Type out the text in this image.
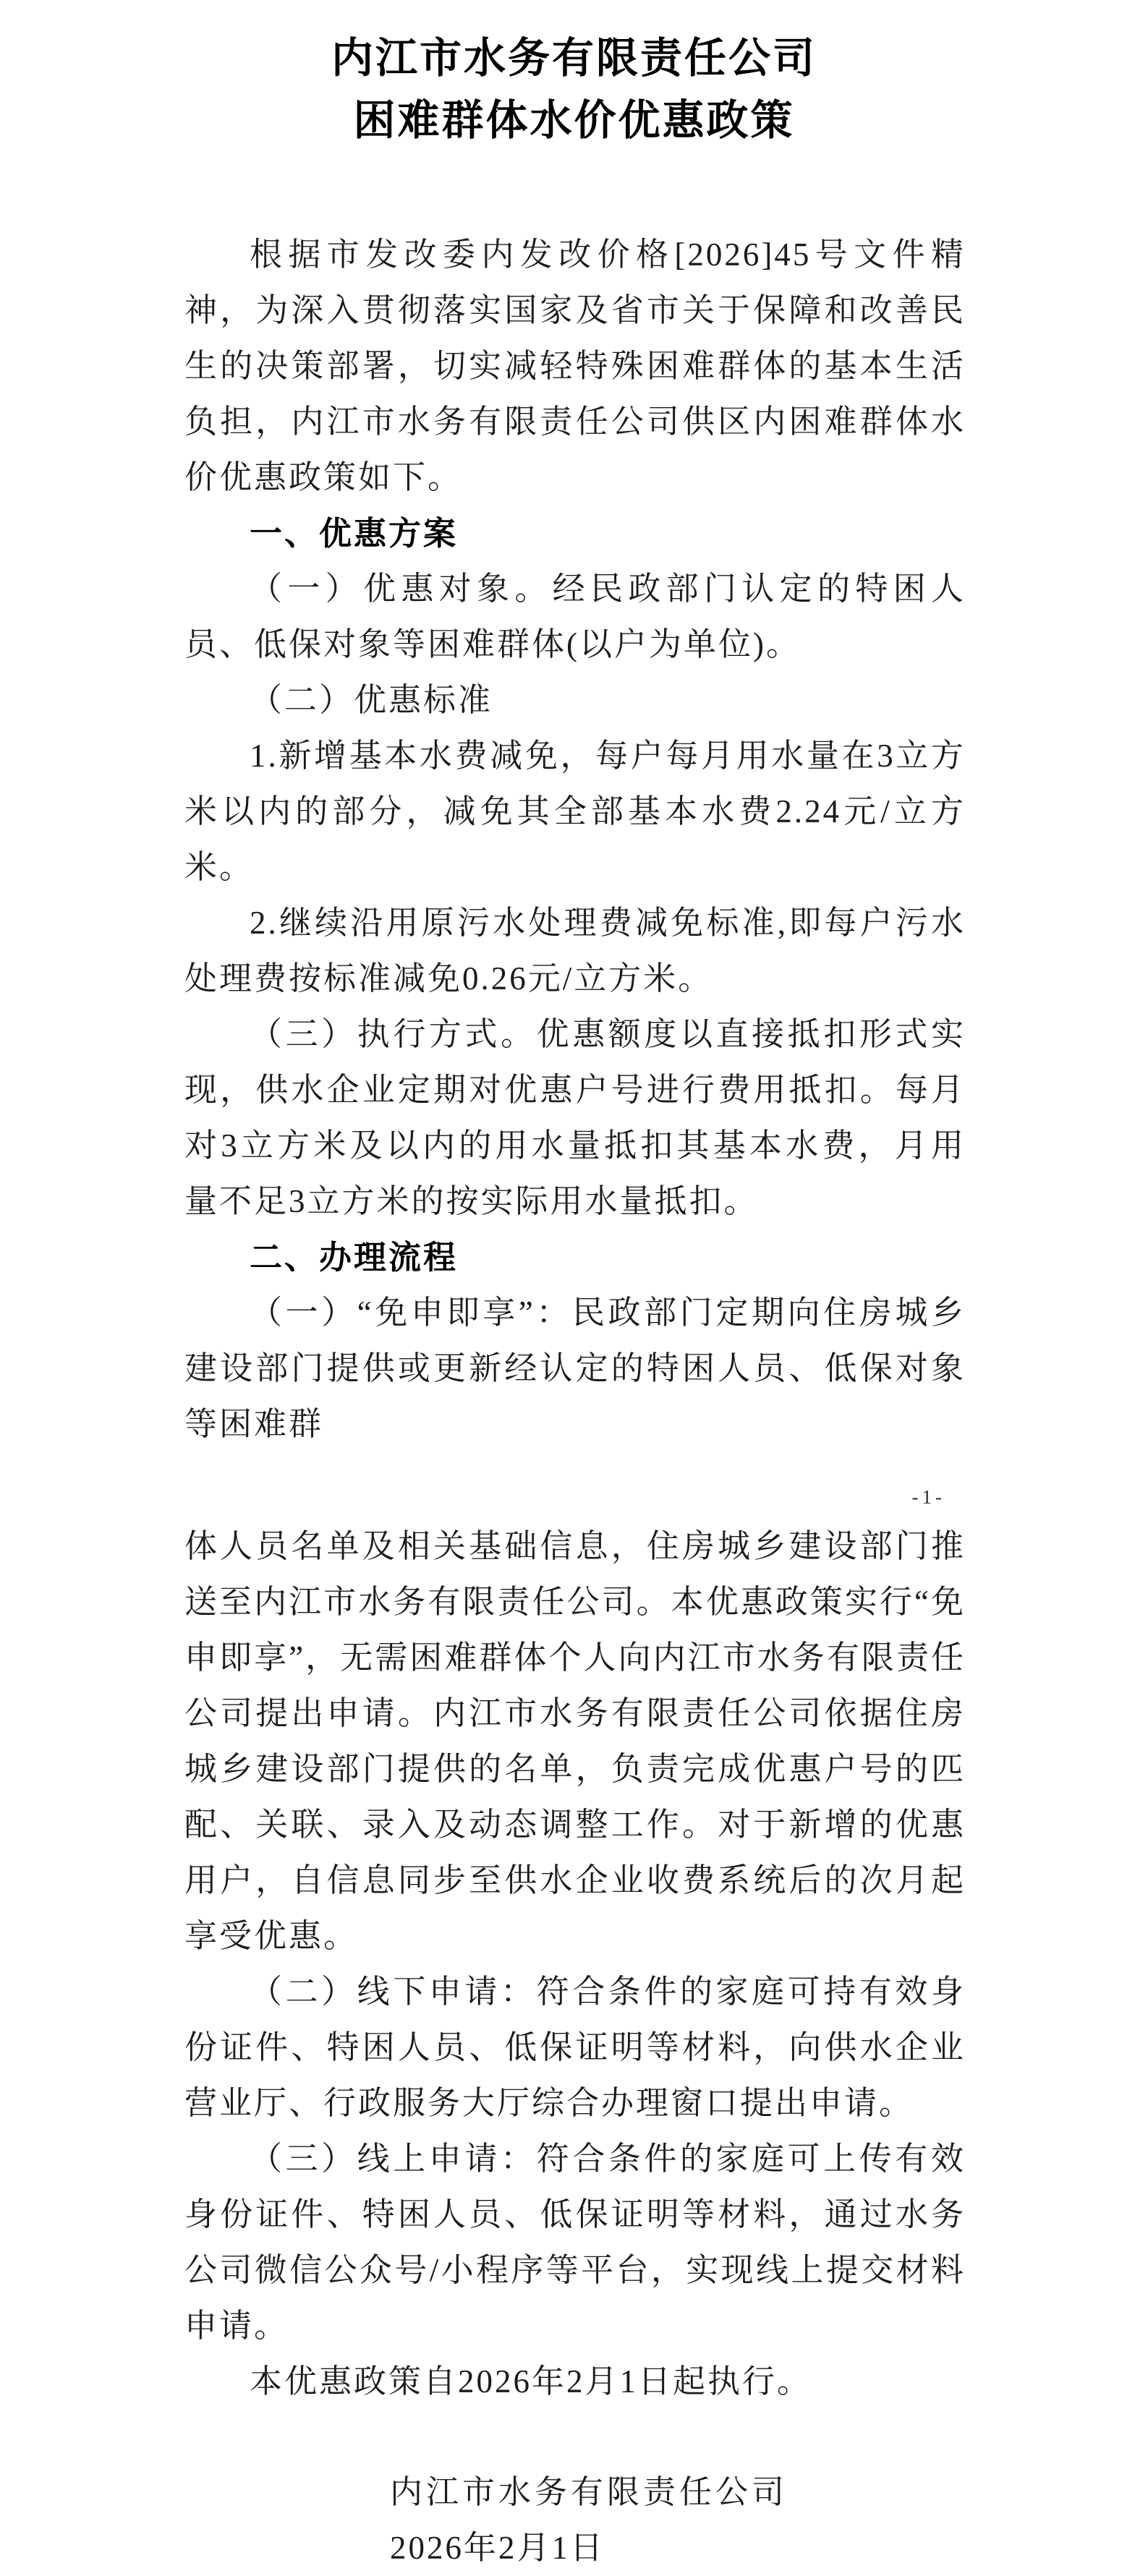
内江市水务有限责任公司
困难群体水价优惠政策

根据市发改委内发改价格[2026]45号文件精神，为深入贯彻落实国家及省市关于保障和改善民生的决策部署，切实减轻特殊困难群体的基本生活负担，内江市水务有限责任公司供区内困难群体水价优惠政策如下。

一、优惠方案

（一）优惠对象。经民政部门认定的特困人员、低保对象等困难群体(以户为单位)。

（二）优惠标准

1.新增基本水费减免，每户每月用水量在3立方米以内的部分，减免其全部基本水费2.24元/立方米。

2.继续沿用原污水处理费减免标准,即每户污水处理费按标准减免0.26元/立方米。

（三）执行方式。优惠额度以直接抵扣形式实现，供水企业定期对优惠户号进行费用抵扣。每月对3立方米及以内的用水量抵扣其基本水费，月用量不足3立方米的按实际用水量抵扣。

二、办理流程

（一）“免申即享”：民政部门定期向住房城乡建设部门提供或更新经认定的特困人员、低保对象等困难群

-1-

体人员名单及相关基础信息，住房城乡建设部门推送至内江市水务有限责任公司。本优惠政策实行“免申即享”，无需困难群体个人向内江市水务有限责任公司提出申请。内江市水务有限责任公司依据住房城乡建设部门提供的名单，负责完成优惠户号的匹配、关联、录入及动态调整工作。对于新增的优惠用户，自信息同步至供水企业收费系统后的次月起享受优惠。

（二）线下申请：符合条件的家庭可持有效身份证件、特困人员、低保证明等材料，向供水企业营业厅、行政服务大厅综合办理窗口提出申请。

（三）线上申请：符合条件的家庭可上传有效身份证件、特困人员、低保证明等材料，通过水务公司微信公众号/小程序等平台，实现线上提交材料申请。

本优惠政策自2026年2月1日起执行。

内江市水务有限责任公司
2026年2月1日
